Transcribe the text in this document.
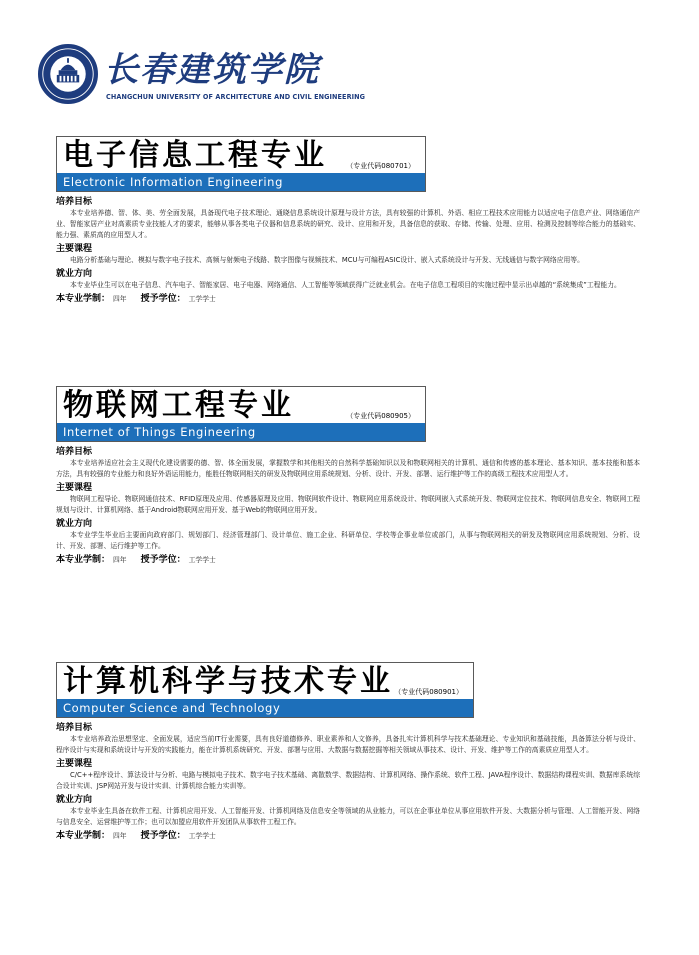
长春建筑学院
CHANGCHUN UNIVERSITY OF ARCHITECTURE AND CIVIL ENGINEERING
电子信息工程专业	（专业代码080701）
Electronic Information Engineering
培养目标
本专业培养德、智、体、美、劳全面发展，具备现代电子技术理论、通晓信息系统设计原理与设计方法，具有较强的计算机、外语、相应工程技术应用能力以适应电子信息产业、网络通信产业、智能家居产业对高素质专业技能人才的要求，能够从事各类电子仪器和信息系统的研究、设计、应用和开发，具备信息的获取、存储、传输、处理、应用、检测及控制等综合能力的基础实、能力强、素质高的应用型人才。
主要课程
电路分析基础与理论、模拟与数字电子技术、高频与射频电子线路、数字图像与视频技术、MCU与可编程ASIC设计、嵌入式系统设计与开发、无线通信与数字网络应用等。
就业方向
本专业毕业生可以在电子信息、汽车电子、智能家居、电子电器、网络通信、人工智能等领域获得广泛就业机会。在电子信息工程项目的实施过程中显示出卓越的“系统集成”工程能力。
本专业学制： 四年 授予学位： 工学学士
物联网工程专业	（专业代码080905）
Internet of Things Engineering
培养目标
本专业培养适应社会主义现代化建设需要的德、智、体全面发展，掌握数学和其他相关的自然科学基础知识以及和物联网相关的计算机、通信和传感的基本理论、基本知识、基本技能和基本方法，具有较强的专业能力和良好外语运用能力，能胜任物联网相关的研发及物联网应用系统规划、分析、设计、开发、部署、运行维护等工作的高级工程技术应用型人才。
主要课程
物联网工程导论、物联网通信技术、RFID原理及应用、传感器原理及应用、物联网软件设计、物联网应用系统设计、物联网嵌入式系统开发、物联网定位技术、物联网信息安全、物联网工程规划与设计、计算机网络、基于Android物联网应用开发、基于Web的物联网应用开发。
就业方向
本专业学生毕业后主要面向政府部门、规划部门、经济管理部门、设计单位、施工企业、科研单位、学校等企事业单位或部门，从事与物联网相关的研发及物联网应用系统规划、分析、设计、开发、部署、运行维护等工作。
本专业学制： 四年 授予学位： 工学学士
计算机科学与技术专业 （专业代码080901）
Computer Science and Technology
培养目标
本专业培养政治思想坚定、全面发展，适应当前IT行业需要，具有良好道德修养、职业素养和人文修养，具备扎实计算机科学与技术基础理论、专业知识和基础技能，具备算法分析与设计、程序设计与实现和系统设计与开发的实践能力，能在计算机系统研究、开发、部署与应用、大数据与数据挖掘等相关领域从事技术、设计、开发、维护等工作的高素质应用型人才。
主要课程
C/C++程序设计、算法设计与分析、电路与模拟电子技术、数字电子技术基础、离散数学、数据结构、计算机网络、操作系统、软件工程、JAVA程序设计、数据结构课程实训、数据库系统综合设计实训、JSP网站开发与设计实训、计算机综合能力实训等。
就业方向
本专业毕业生具备在软件工程、计算机应用开发、人工智能开发、计算机网络及信息安全等领域的从业能力，可以在企事业单位从事应用软件开发、大数据分析与管理、人工智能开发、网络与信息安全、运营维护等工作；也可以加盟应用软件开发团队从事软件工程工作。
本专业学制： 四年 授予学位： 工学学士
